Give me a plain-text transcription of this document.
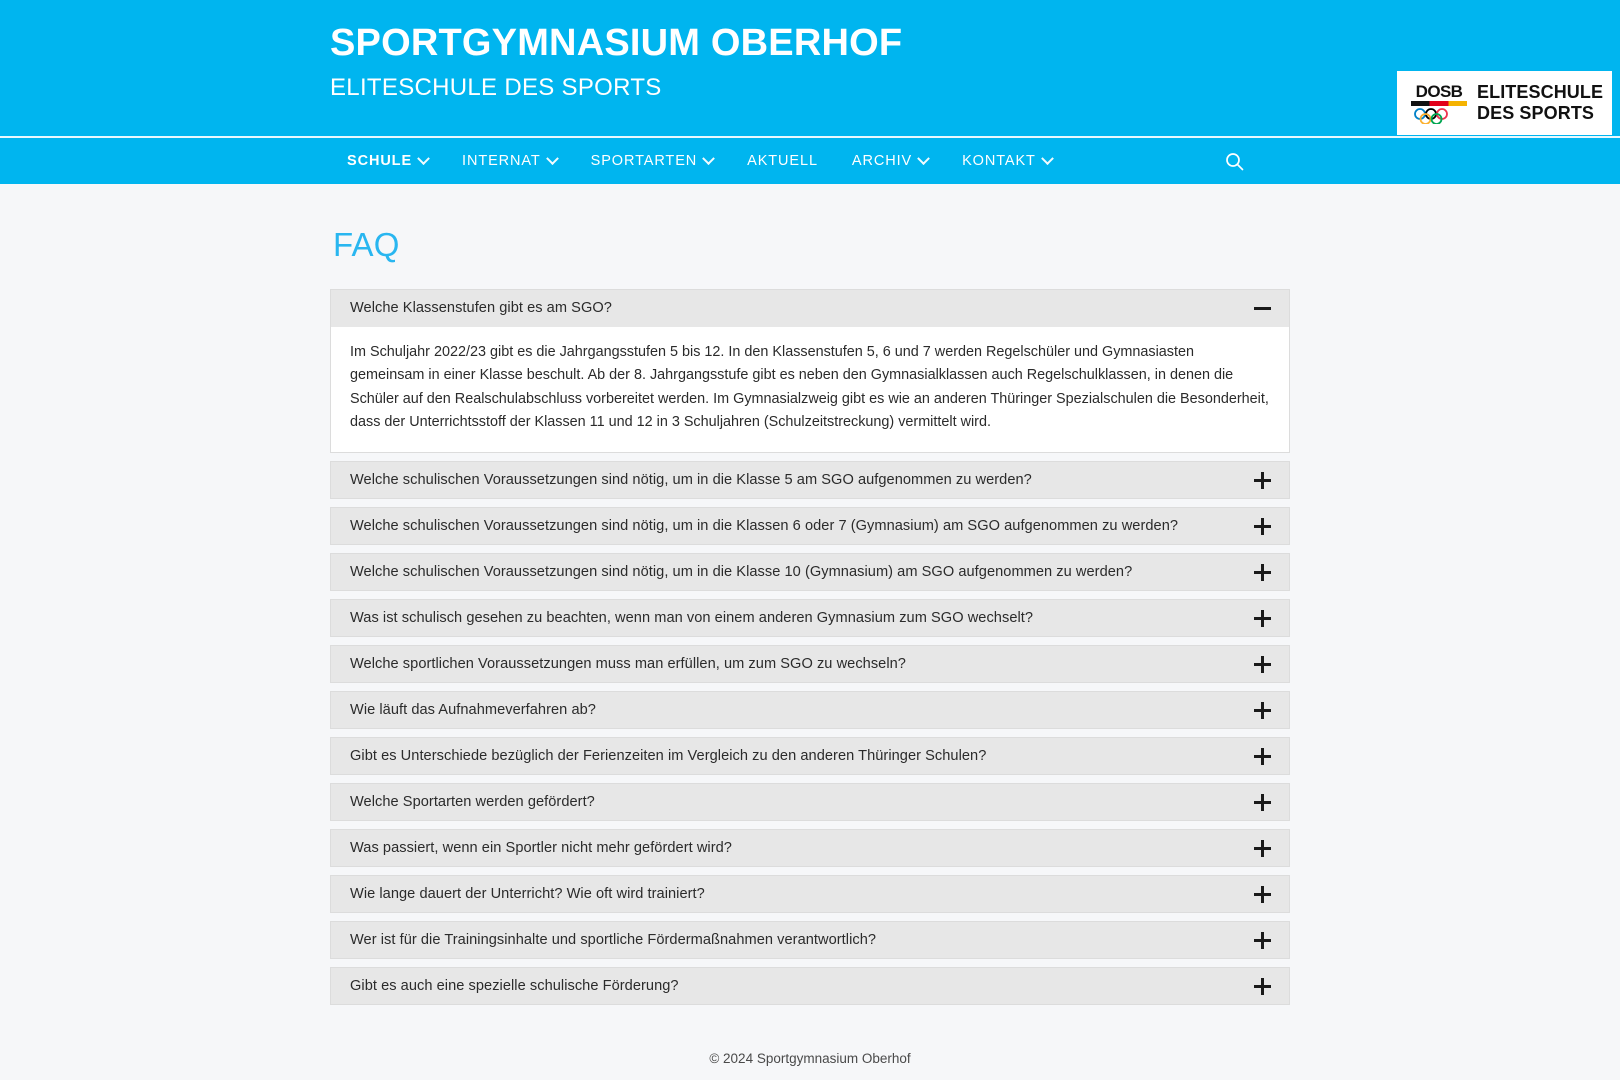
SPORTGYMNASIUM OBERHOF
ELITESCHULE DES SPORTS	DOSB ELITESCHULE
DES SPORTS
SCHULE	INTERNAT	SPORTARTEN	AKTUELL ARCHIV	KONTAKT
FAQ
Welche Klassenstufen gibt es am SGO?
Im Schuljahr 2022/23 gibt es die Jahrgangsstufen 5 bis 12. In den Klassenstufen 5, 6 und 7 werden Regelschüler und Gymnasiasten gemeinsam in einer Klasse beschult. Ab der 8. Jahrgangsstufe gibt es neben den Gymnasialklassen auch Regelschulklassen, in denen die Schüler auf den Realschulabschluss vorbereitet werden. Im Gymnasialzweig gibt es wie an anderen Thüringer Spezialschulen die Besonderheit, dass der Unterrichtsstoff der Klassen 11 und 12 in 3 Schuljahren (Schulzeitstreckung) vermittelt wird.
Welche schulischen Voraussetzungen sind nötig, um in die Klasse 5 am SGO aufgenommen zu werden?
Welche schulischen Voraussetzungen sind nötig, um in die Klassen 6 oder 7 (Gymnasium) am SGO aufgenommen zu werden?
Welche schulischen Voraussetzungen sind nötig, um in die Klasse 10 (Gymnasium) am SGO aufgenommen zu werden?
Was ist schulisch gesehen zu beachten, wenn man von einem anderen Gymnasium zum SGO wechselt?
Welche sportlichen Voraussetzungen muss man erfüllen, um zum SGO zu wechseln?
Wie läuft das Aufnahmeverfahren ab?
Gibt es Unterschiede bezüglich der Ferienzeiten im Vergleich zu den anderen Thüringer Schulen?
Welche Sportarten werden gefördert?
Was passiert, wenn ein Sportler nicht mehr gefördert wird?
Wie lange dauert der Unterricht? Wie oft wird trainiert?
Wer ist für die Trainingsinhalte und sportliche Fördermaßnahmen verantwortlich?
Gibt es auch eine spezielle schulische Förderung?
© 2024 Sportgymnasium Oberhof
